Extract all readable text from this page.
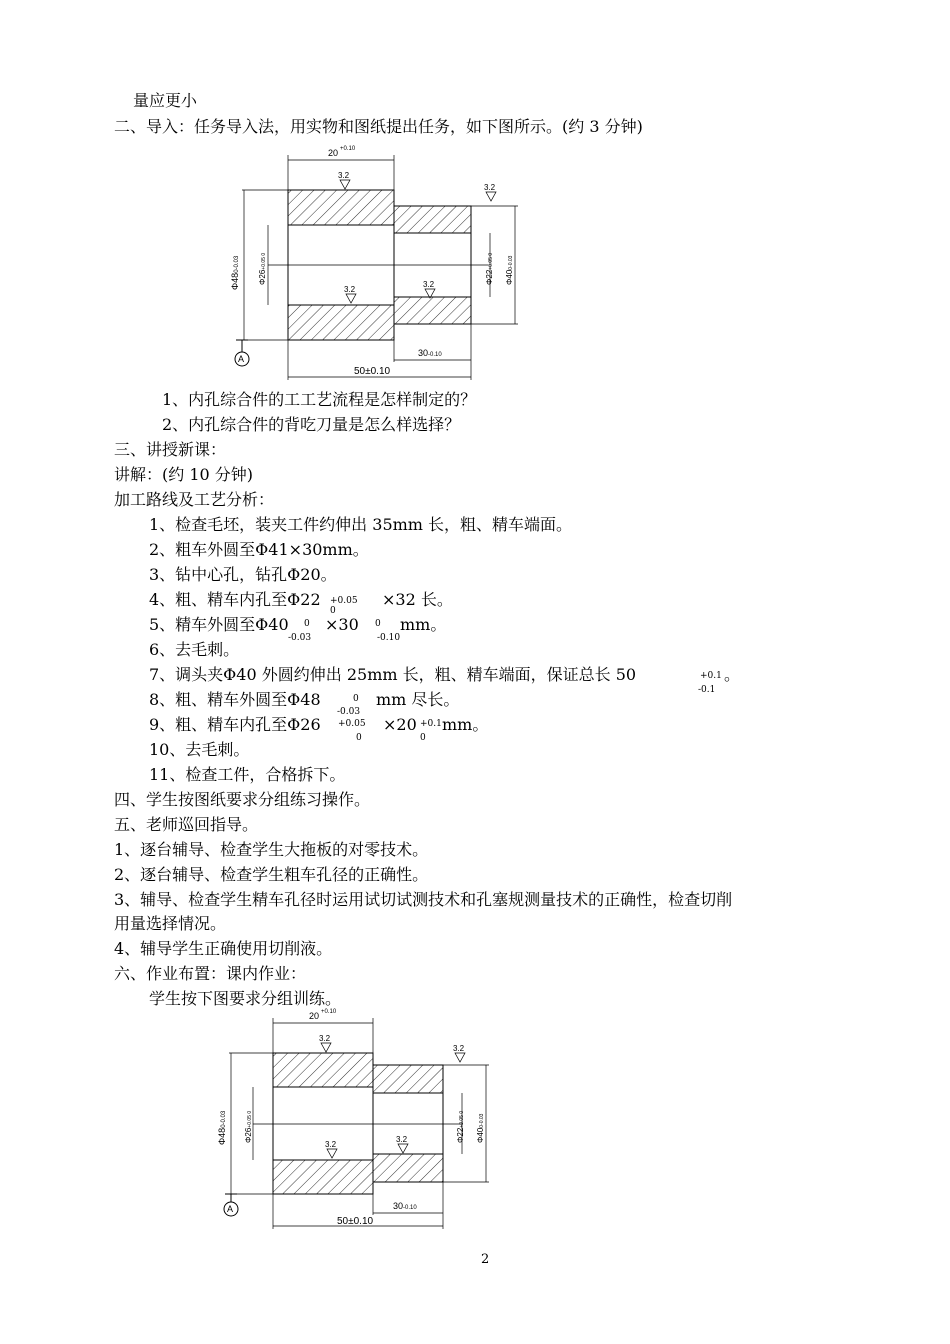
量应更小
二、导入：任务导入法，用实物和图纸提出任务，如下图所示。(约 3 分钟)
20 +0.10
3.2
3.2
3.2
3.2
Φ480-0.03
Φ26+0.05 0
Φ22+0.05 0
Φ400-0.03
A
30-0.10
50±0.10
1、内孔综合件的工工艺流程是怎样制定的？
2、内孔综合件的背吃刀量是怎么样选择？
三、讲授新课：
讲解：(约 10 分钟)
加工路线及工艺分析：
1、检查毛坯，装夹工件约伸出 35mm 长，粗、精车端面。
2、粗车外圆至Φ41×30mm。
3、钻中心孔，钻孔Φ20。
4、粗、精车内孔至Φ22 +0.05
0
×32 长。
5、精车外圆至Φ40 0
-0.03
×30 0
-0.10
mm。
6、去毛刺。
7、调头夹Φ40 外圆约伸出 25mm 长，粗、精车端面，保证总长 50	+0.1
-0.1
。
8、粗、精车外圆至Φ48	0
-0.03
mm 尽长。
9、粗、精车内孔至Φ26 +0.05
0
×20 +0.1
0
mm。
10、去毛刺。
11、检查工件，合格拆下。
四、学生按图纸要求分组练习操作。
五、老师巡回指导。
1、逐台辅导、检查学生大拖板的对零技术。
2、逐台辅导、检查学生粗车孔径的正确性。
3、辅导、检查学生精车孔径时运用试切试测技术和孔塞规测量技术的正确性，检查切削
用量选择情况。
4、辅导学生正确使用切削液。
六、作业布置：课内作业：
学生按下图要求分组训练。
20 +0.10
3.2
3.2
3.2
3.2
Φ480-0.03
Φ26+0.05 0
Φ22+0.05 0
Φ400-0.03
A	30-0.10
50±0.10
2
